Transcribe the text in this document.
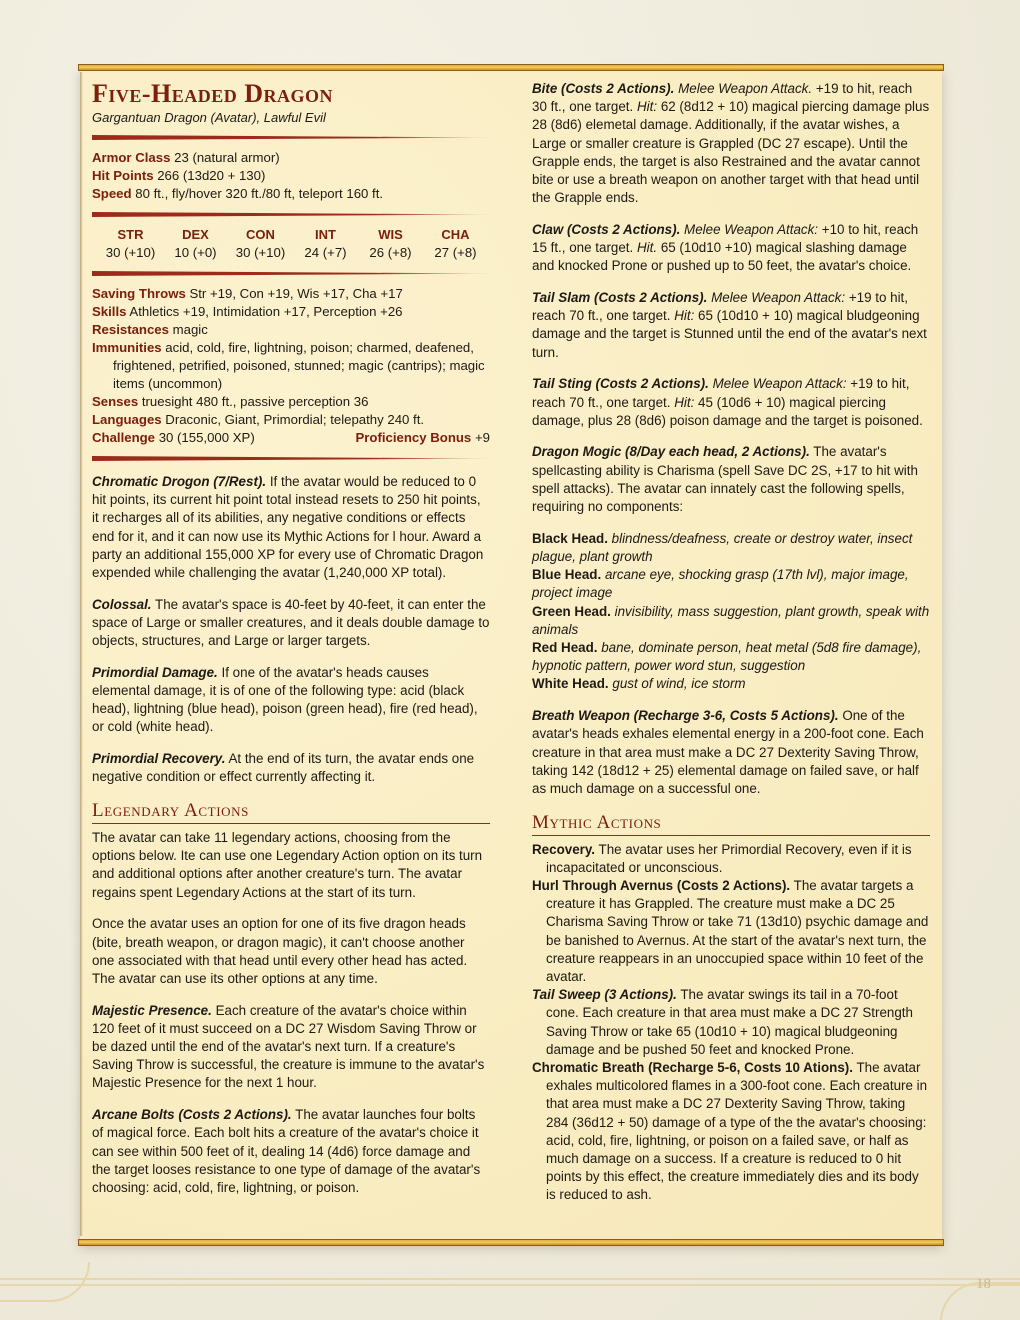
18
Five-Headed Dragon
Gargantuan Dragon (Avatar), Lawful Evil
Armor Class 23 (natural armor)
Hit Points 266 (13d20 + 130)
Speed 80 ft., fly/hover 320 ft./80 ft, teleport 160 ft.
STR
30 (+10)
DEX
10 (+0)
CON
30 (+10)
INT
24 (+7)
WIS
26 (+8)
CHA
27 (+8)
Saving Throws Str +19, Con +19, Wis +17, Cha +17
Skills Athletics +19, Intimidation +17, Perception +26
Resistances magic
Immunities acid, cold, fire, lightning, poison; charmed, deafened, frightened, petrified, poisoned, stunned; magic (cantrips); magic items (uncommon)
Senses truesight 480 ft., passive perception 36
Languages Draconic, Giant, Primordial; telepathy 240 ft.
Challenge 30 (155,000 XP)	Proficiency Bonus +9
Chromatic Drogon (7/Rest). If the avatar would be reduced to 0 hit points, its current hit point total instead resets to 250 hit points, it recharges all of its abilities, any negative conditions or effects end for it, and it can now use its Mythic Actions for l hour. Award a party an additional 155,000 XP for every use of Chromatic Dragon expended while challenging the avatar (1,240,000 XP total).
Colossal. The avatar's space is 40-feet by 40-feet, it can enter the space of Large or smaller creatures, and it deals double damage to objects, structures, and Large or larger targets.
Primordial Damage. If one of the avatar's heads causes elemental damage, it is of one of the following type: acid (black head), lightning (blue head), poison (green head), fire (red head), or cold (white head).
Primordial Recovery. At the end of its turn, the avatar ends one negative condition or effect currently affecting it.
Legendary Actions
The avatar can take 11 legendary actions, choosing from the options below. Ite can use one Legendary Action option on its turn and additional options after another creature's turn. The avatar regains spent Legendary Actions at the start of its turn.
Once the avatar uses an option for one of its five dragon heads (bite, breath weapon, or dragon magic), it can't choose another one associated with that head until every other head has acted. The avatar can use its other options at any time.
Majestic Presence. Each creature of the avatar's choice within 120 feet of it must succeed on a DC 27 Wisdom Saving Throw or be dazed until the end of the avatar's next turn. If a creature's Saving Throw is successful, the creature is immune to the avatar's Majestic Presence for the next 1 hour.
Arcane Bolts (Costs 2 Actions). The avatar launches four bolts of magical force. Each bolt hits a creature of the avatar's choice it can see within 500 feet of it, dealing 14 (4d6) force damage and the target looses resistance to one type of damage of the avatar's choosing: acid, cold, fire, lightning, or poison.
Bite (Costs 2 Actions). Melee Weapon Attack. +19 to hit, reach 30 ft., one target. Hit: 62 (8d12 + 10) magical piercing damage plus 28 (8d6) elemetal damage. Additionally, if the avatar wishes, a Large or smaller creature is Grappled (DC 27 escape). Until the Grapple ends, the target is also Restrained and the avatar cannot bite or use a breath weapon on another target with that head until the Grapple ends.
Claw (Costs 2 Actions). Melee Weapon Attack: +10 to hit, reach 15 ft., one target. Hit. 65 (10d10 +10) magical slashing damage and knocked Prone or pushed up to 50 feet, the avatar's choice.
Tail Slam (Costs 2 Actions). Melee Weapon Attack: +19 to hit, reach 70 ft., one target. Hit: 65 (10d10 + 10) magical bludgeoning damage and the target is Stunned until the end of the avatar's next turn.
Tail Sting (Costs 2 Actions). Melee Weapon Attack: +19 to hit, reach 70 ft., one target. Hit: 45 (10d6 + 10) magical piercing damage, plus 28 (8d6) poison damage and the target is poisoned.
Dragon Mogic (8/Day each head, 2 Actions). The avatar's spellcasting ability is Charisma (spell Save DC 2S, +17 to hit with spell attacks). The avatar can innately cast the following spells, requiring no components:
Black Head. blindness/deafness, create or destroy water, insect plague, plant growth
Blue Head. arcane eye, shocking grasp (17th lvl), major image, project image
Green Head. invisibility, mass suggestion, plant growth, speak with animals
Red Head. bane, dominate person, heat metal (5d8 fire damage), hypnotic pattern, power word stun, suggestion
White Head. gust of wind, ice storm
Breath Weapon (Recharge 3-6, Costs 5 Actions). One of the avatar's heads exhales elemental energy in a 200-foot cone. Each creature in that area must make a DC 27 Dexterity Saving Throw, taking 142 (18d12 + 25) elemental damage on failed save, or half as much damage on a successful one.
Mythic Actions
Recovery. The avatar uses her Primordial Recovery, even if it is incapacitated or unconscious.
Hurl Through Avernus (Costs 2 Actions). The avatar targets a creature it has Grappled. The creature must make a DC 25 Charisma Saving Throw or take 71 (13d10) psychic damage and be banished to Avernus. At the start of the avatar's next turn, the creature reappears in an unoccupied space within 10 feet of the avatar.
Tail Sweep (3 Actions). The avatar swings its tail in a 70-foot cone. Each creature in that area must make a DC 27 Strength Saving Throw or take 65 (10d10 + 10) magical bludgeoning damage and be pushed 50 feet and knocked Prone.
Chromatic Breath (Recharge 5-6, Costs 10 Ations). The avatar exhales multicolored flames in a 300-foot cone. Each creature in that area must make a DC 27 Dexterity Saving Throw, taking 284 (36d12 + 50) damage of a type of the the avatar's choosing: acid, cold, fire, lightning, or poison on a failed save, or half as much damage on a success. If a creature is reduced to 0 hit points by this effect, the creature immediately dies and its body is reduced to ash.
